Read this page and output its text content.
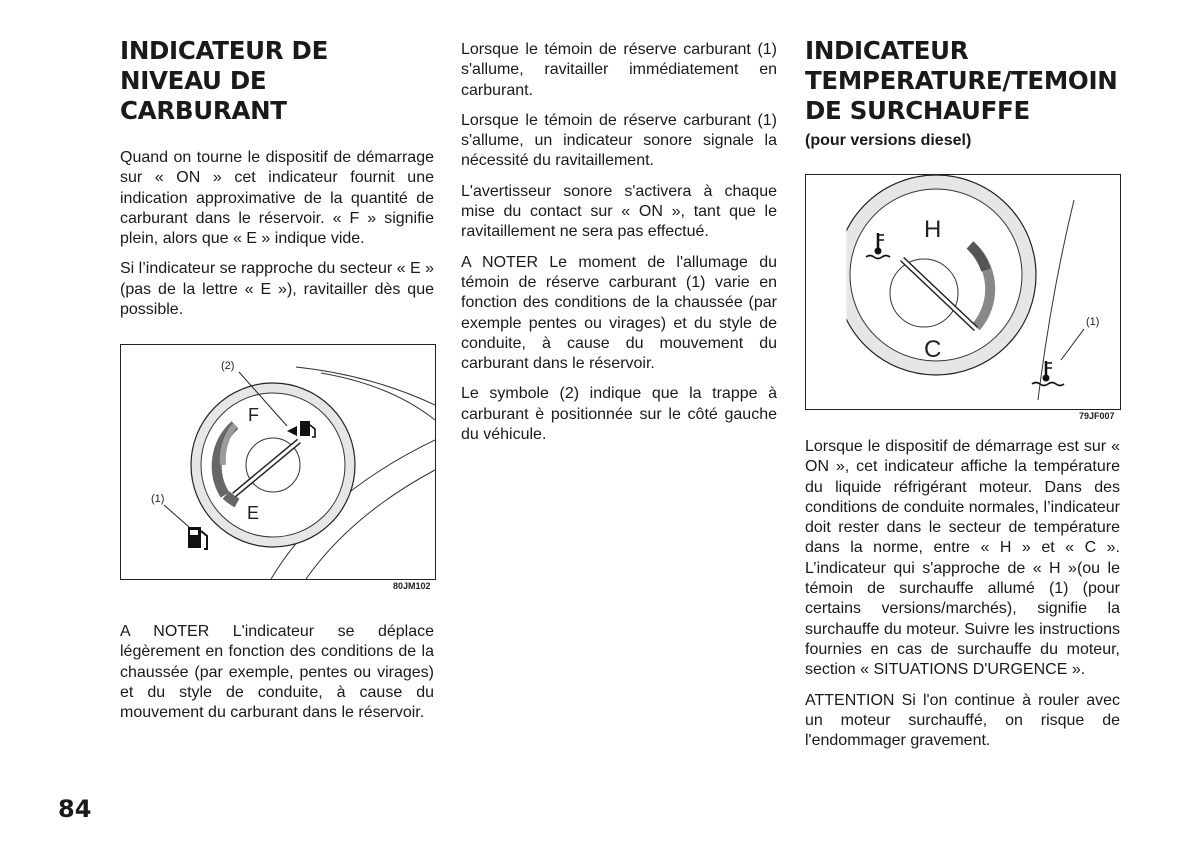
INDICATEUR DE NIVEAU DE CARBURANT

Quand on tourne le dispositif de démarrage sur « ON » cet indicateur fournit une indication approximative de la quantité de carburant dans le réservoir. « F » signifie plein, alors que « E » indique vide.

Si l’indicateur se rapproche du secteur « E » (pas de la lettre « E »), ravitailler dès que possible.

F
E
(2)
(1)
80JM102

A NOTER L'indicateur se déplace légèrement en fonction des conditions de la chaussée (par exemple, pentes ou virages) et du style de conduite, à cause du mouvement du carburant dans le réservoir.

Lorsque le témoin de réserve carburant (1) s'allume, ravitailler immédiatement en carburant.

Lorsque le témoin de réserve carburant (1) s'allume, un indicateur sonore signale la nécessité du ravitaillement.

L'avertisseur sonore s'activera à chaque mise du contact sur « ON », tant que le ravitaillement ne sera pas effectué.

A NOTER Le moment de l'allumage du témoin de réserve carburant (1) varie en fonction des conditions de la chaussée (par exemple pentes ou virages) et du style de conduite, à cause du mouvement du carburant dans le réservoir.

Le symbole (2) indique que la trappe à carburant è positionnée sur le côté gauche du véhicule.

INDICATEUR TEMPERATURE/TEMOIN DE SURCHAUFFE
(pour versions diesel)
H
C
(1)
79JF007

Lorsque le dispositif de démarrage est sur « ON », cet indicateur affiche la température du liquide réfrigérant moteur. Dans des conditions de conduite normales, l’indicateur doit rester dans le secteur de température dans la norme, entre « H » et « C ». L’indicateur qui s'approche de « H »(ou le témoin de surchauffe allumé (1) (pour certains versions/marchés), signifie la surchauffe du moteur. Suivre les instructions fournies en cas de surchauffe du moteur, section « SITUATIONS D'URGENCE ».

ATTENTION Si l'on continue à rouler avec un moteur surchauffé, on risque de l'endommager gravement.

84
